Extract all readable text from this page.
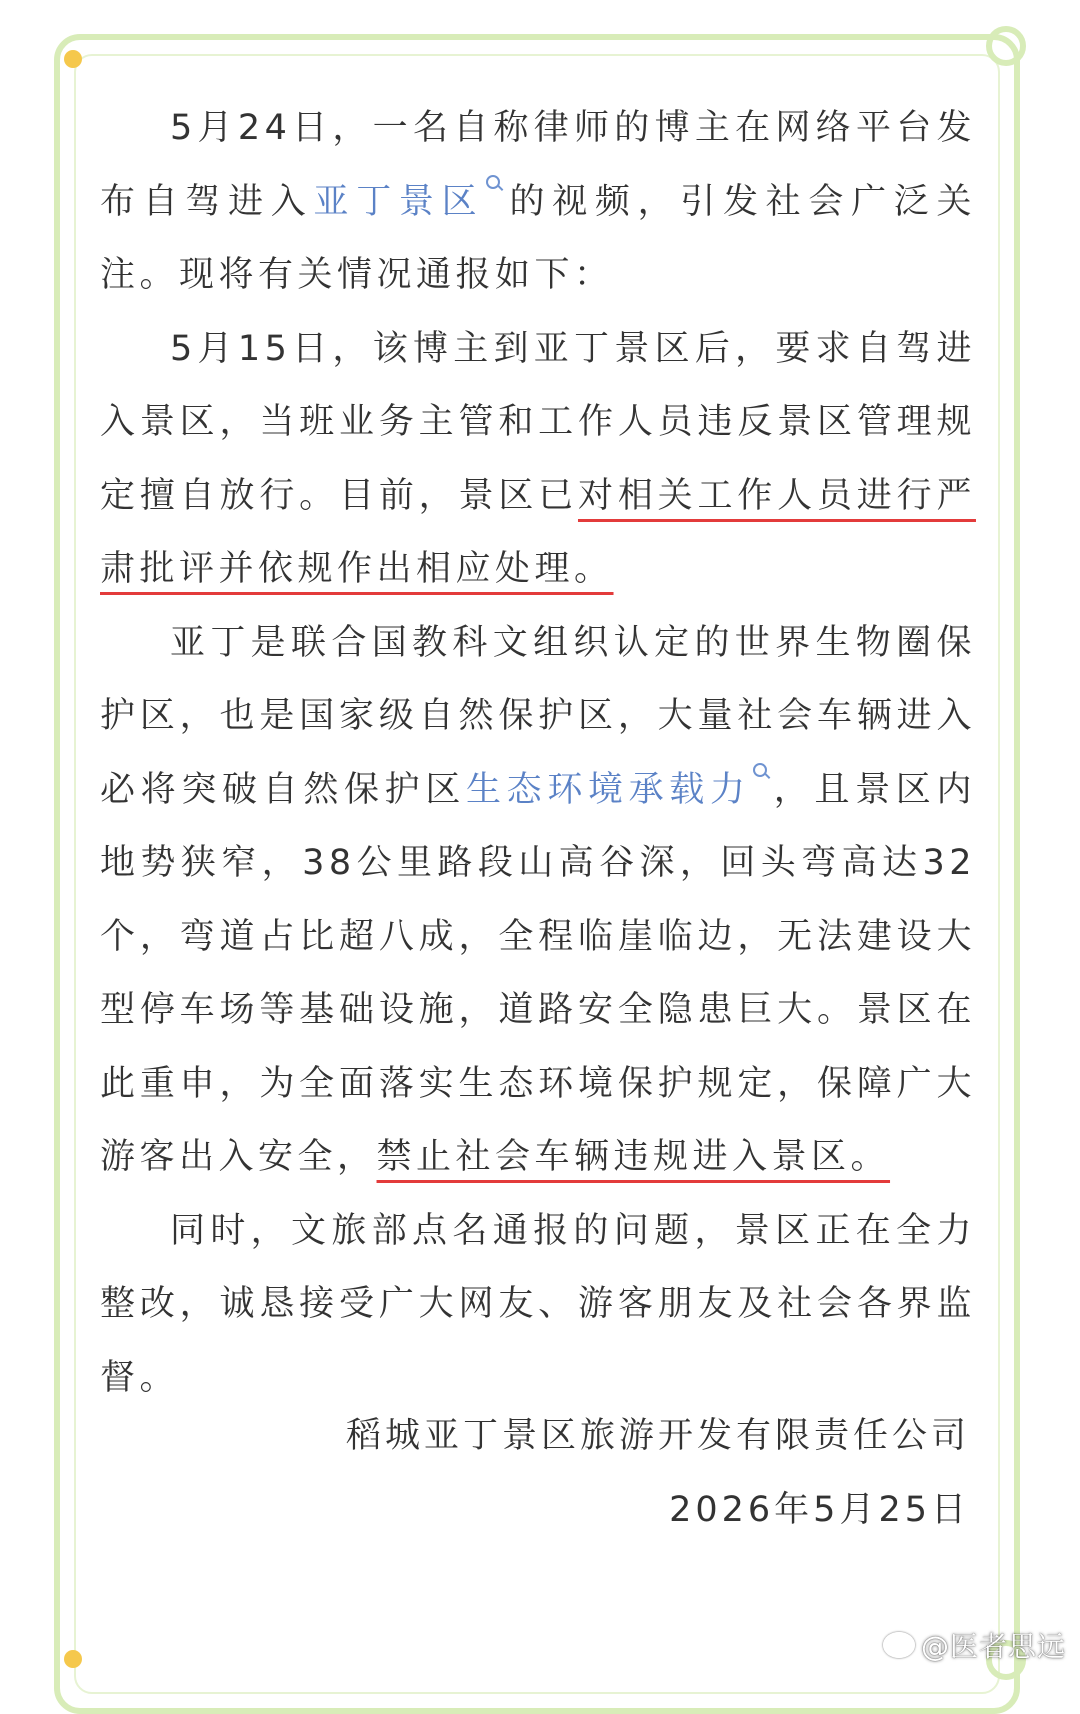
5月24日，一名自称律师的博主在网络平台发布自驾进入亚丁景区 的视频，引发社会广泛关注。现将有关情况通报如下：

5月15日，该博主到亚丁景区后，要求自驾进入景区，当班业务主管和工作人员违反景区管理规定擅自放行。目前，景区已对相关工作人员进行严肃批评并依规作出相应处理。

亚丁是联合国教科文组织认定的世界生物圈保护区，也是国家级自然保护区，大量社会车辆进入必将突破自然保护区生态环境承载力 ，且景区内地势狭窄，38公里路段山高谷深，回头弯高达32个，弯道占比超八成，全程临崖临边，无法建设大型停车场等基础设施，道路安全隐患巨大。景区在此重申，为全面落实生态环境保护规定，保障广大游客出入安全，禁止社会车辆违规进入景区。

同时，文旅部点名通报的问题，景区正在全力整改，诚恳接受广大网友、游客朋友及社会各界监督。

稻城亚丁景区旅游开发有限责任公司
2026年5月25日
@医者思远
